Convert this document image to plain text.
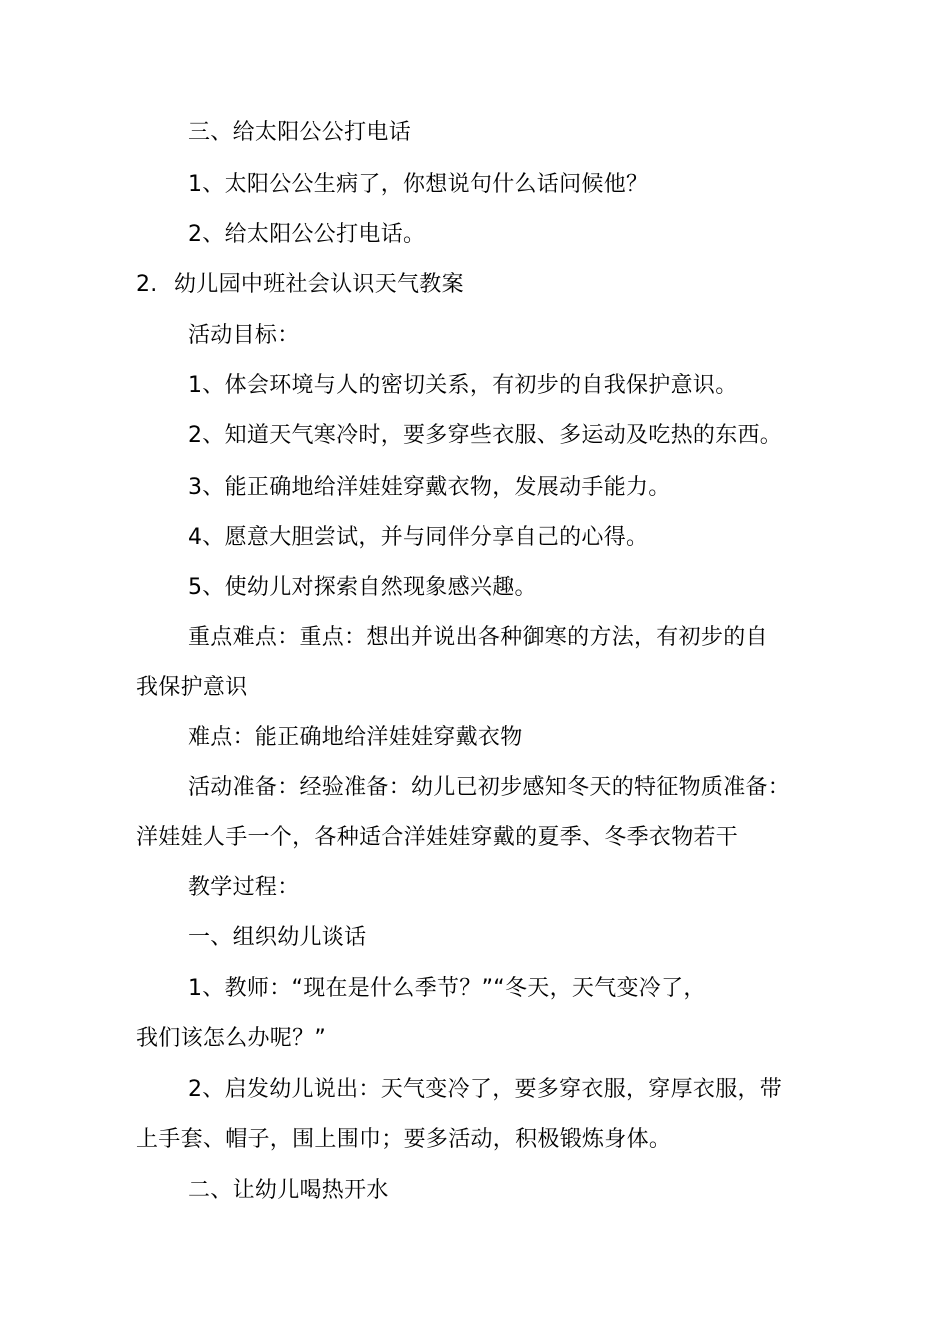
三、给太阳公公打电话
1、太阳公公生病了，你想说句什么话问候他？
2、给太阳公公打电话。
2. 幼儿园中班社会认识天气教案
活动目标：
1、体会环境与人的密切关系，有初步的自我保护意识。
2、知道天气寒冷时，要多穿些衣服、多运动及吃热的东西。
3、能正确地给洋娃娃穿戴衣物，发展动手能力。
4、愿意大胆尝试，并与同伴分享自己的心得。
5、使幼儿对探索自然现象感兴趣。
重点难点：重点：想出并说出各种御寒的方法，有初步的自
我保护意识
难点：能正确地给洋娃娃穿戴衣物
活动准备：经验准备：幼儿已初步感知冬天的特征物质准备：
洋娃娃人手一个，各种适合洋娃娃穿戴的夏季、冬季衣物若干
教学过程：
一、组织幼儿谈话
1、教师：“现在是什么季节？”“冬天，天气变冷了，
我们该怎么办呢？”
2、启发幼儿说出：天气变冷了，要多穿衣服，穿厚衣服，带
上手套、帽子，围上围巾；要多活动，积极锻炼身体。
二、让幼儿喝热开水
